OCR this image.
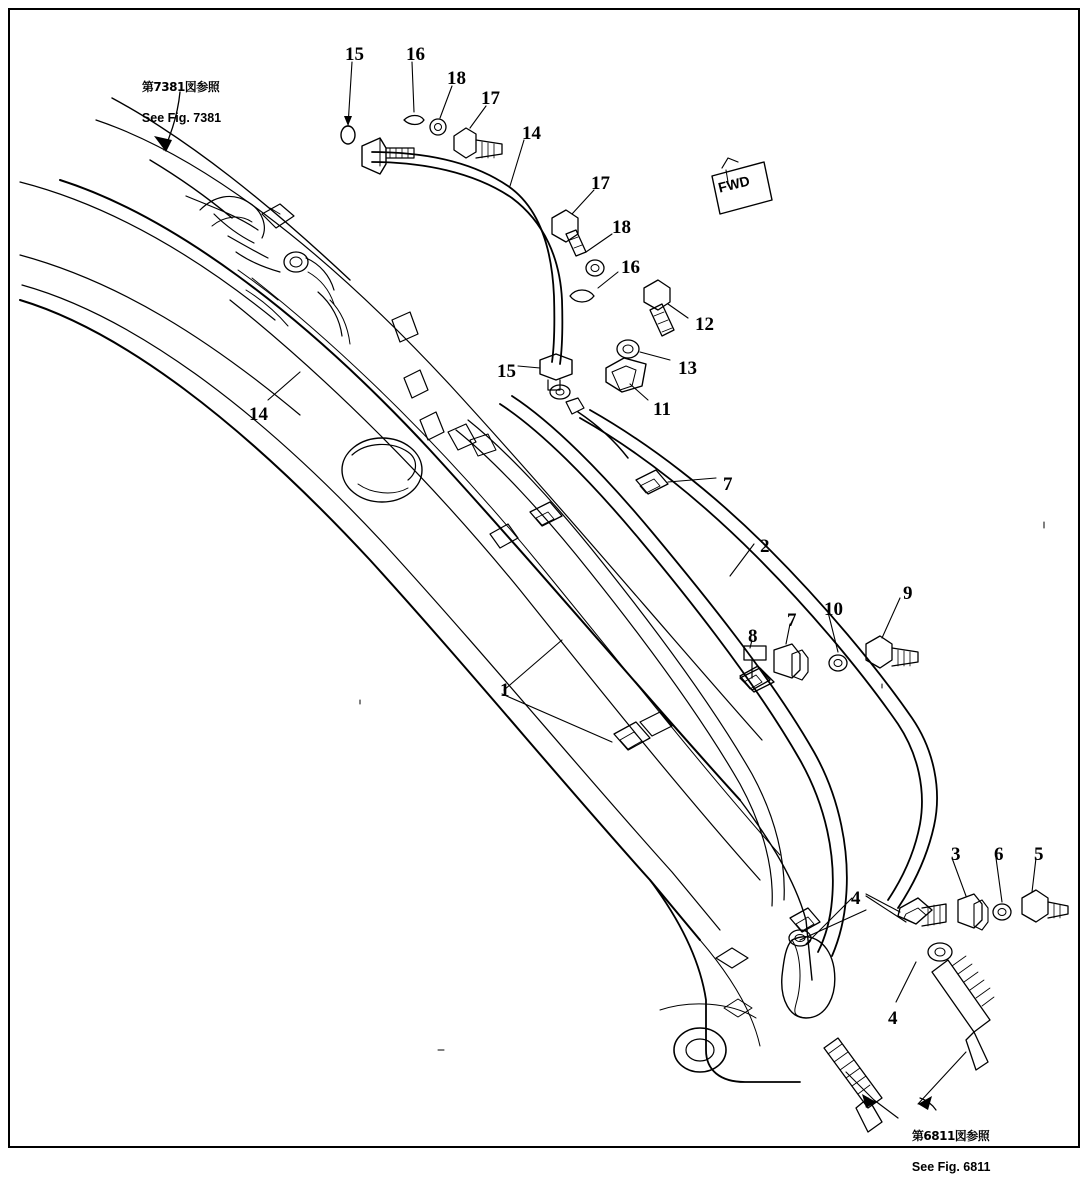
第7381図参照

See Fig. 7381

第6811図参照

See Fig. 6811

FWD
15 16
18
17
14
17
18
16
12
13
15
11
14
7
2
9
10
7
8
1
3 6 5
4
4
